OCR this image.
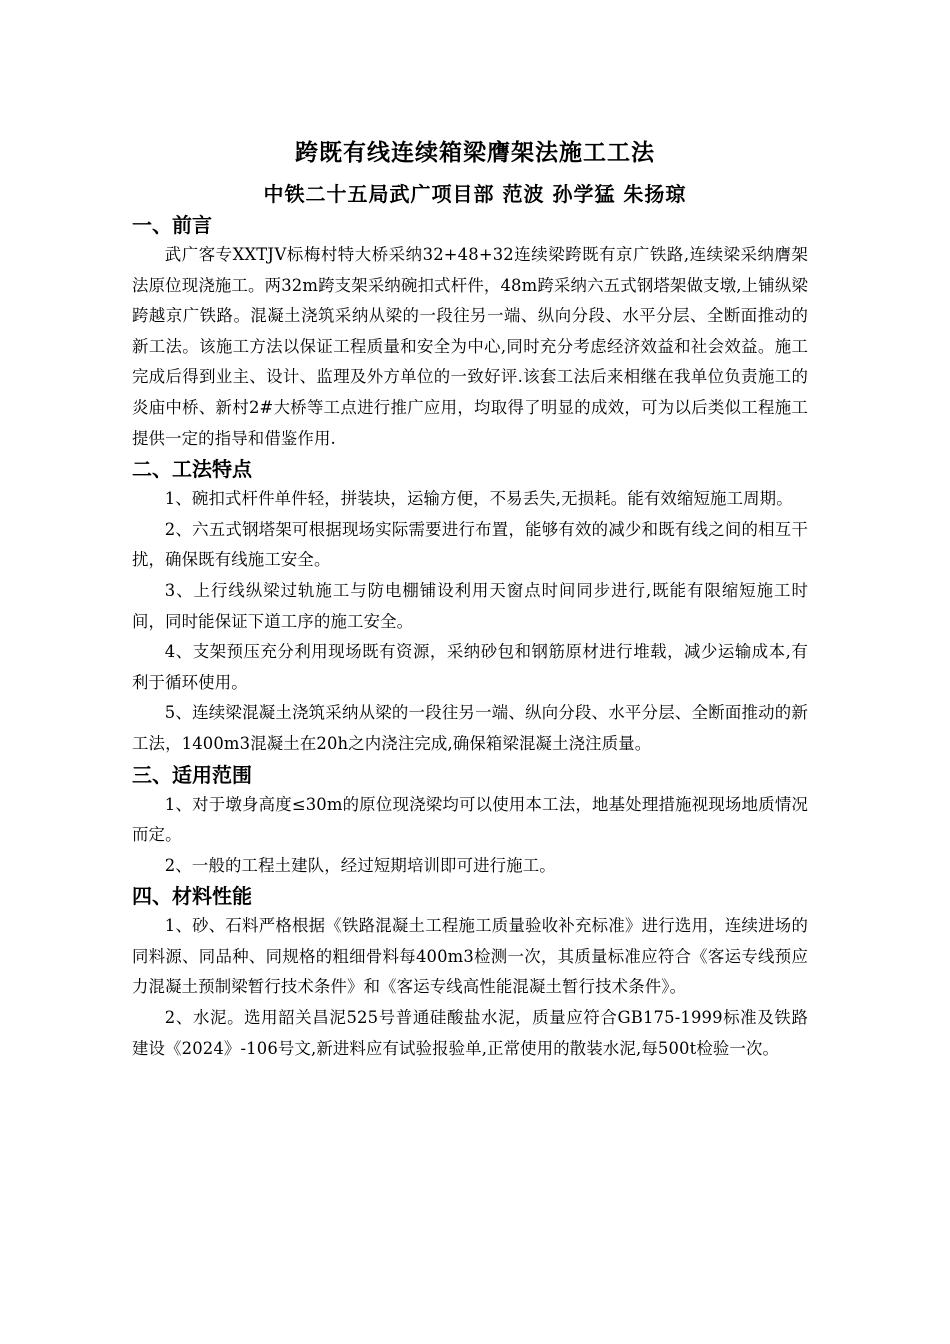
跨既有线连续箱梁膺架法施工工法
中铁二十五局武广项目部 范波 孙学猛 朱扬琼
一、前言

武广客专XXTJⅤ标梅村特大桥采纳32+48+32连续梁跨既有京广铁路,连续梁采纳膺架法原位现浇施工。两32m跨支架采纳碗扣式杆件，48m跨采纳六五式钢塔架做支墩,上铺纵梁跨越京广铁路。混凝土浇筑采纳从梁的一段往另一端、纵向分段、水平分层、全断面推动的新工法。该施工方法以保证工程质量和安全为中心,同时充分考虑经济效益和社会效益。施工完成后得到业主、设计、监理及外方单位的一致好评.该套工法后来相继在我单位负责施工的炎庙中桥、新村2#大桥等工点进行推广应用，均取得了明显的成效，可为以后类似工程施工提供一定的指导和借鉴作用.

二、工法特点

1、碗扣式杆件单件轻，拼装块，运输方便，不易丢失,无损耗。能有效缩短施工周期。

2、六五式钢塔架可根据现场实际需要进行布置，能够有效的减少和既有线之间的相互干扰，确保既有线施工安全。

3、上行线纵梁过轨施工与防电棚铺设利用天窗点时间同步进行,既能有限缩短施工时间，同时能保证下道工序的施工安全。

4、支架预压充分利用现场既有资源，采纳砂包和钢筋原材进行堆载，减少运输成本,有利于循环使用。

5、连续梁混凝土浇筑采纳从梁的一段往另一端、纵向分段、水平分层、全断面推动的新工法，1400m3混凝土在20h之内浇注完成,确保箱梁混凝土浇注质量。

三、适用范围

1、对于墩身高度≤30m的原位现浇梁均可以使用本工法，地基处理措施视现场地质情况而定。

2、一般的工程土建队，经过短期培训即可进行施工。

四、材料性能

1、砂、石料严格根据《铁路混凝土工程施工质量验收补充标准》进行选用，连续进场的同料源、同品种、同规格的粗细骨料每400m3检测一次，其质量标准应符合《客运专线预应力混凝土预制梁暂行技术条件》和《客运专线高性能混凝土暂行技术条件》。

2、水泥。选用韶关昌泥525号普通硅酸盐水泥，质量应符合GB175-1999标准及铁路建设《2024》-106号文,新进料应有试验报验单,正常使用的散装水泥,每500t检验一次。
